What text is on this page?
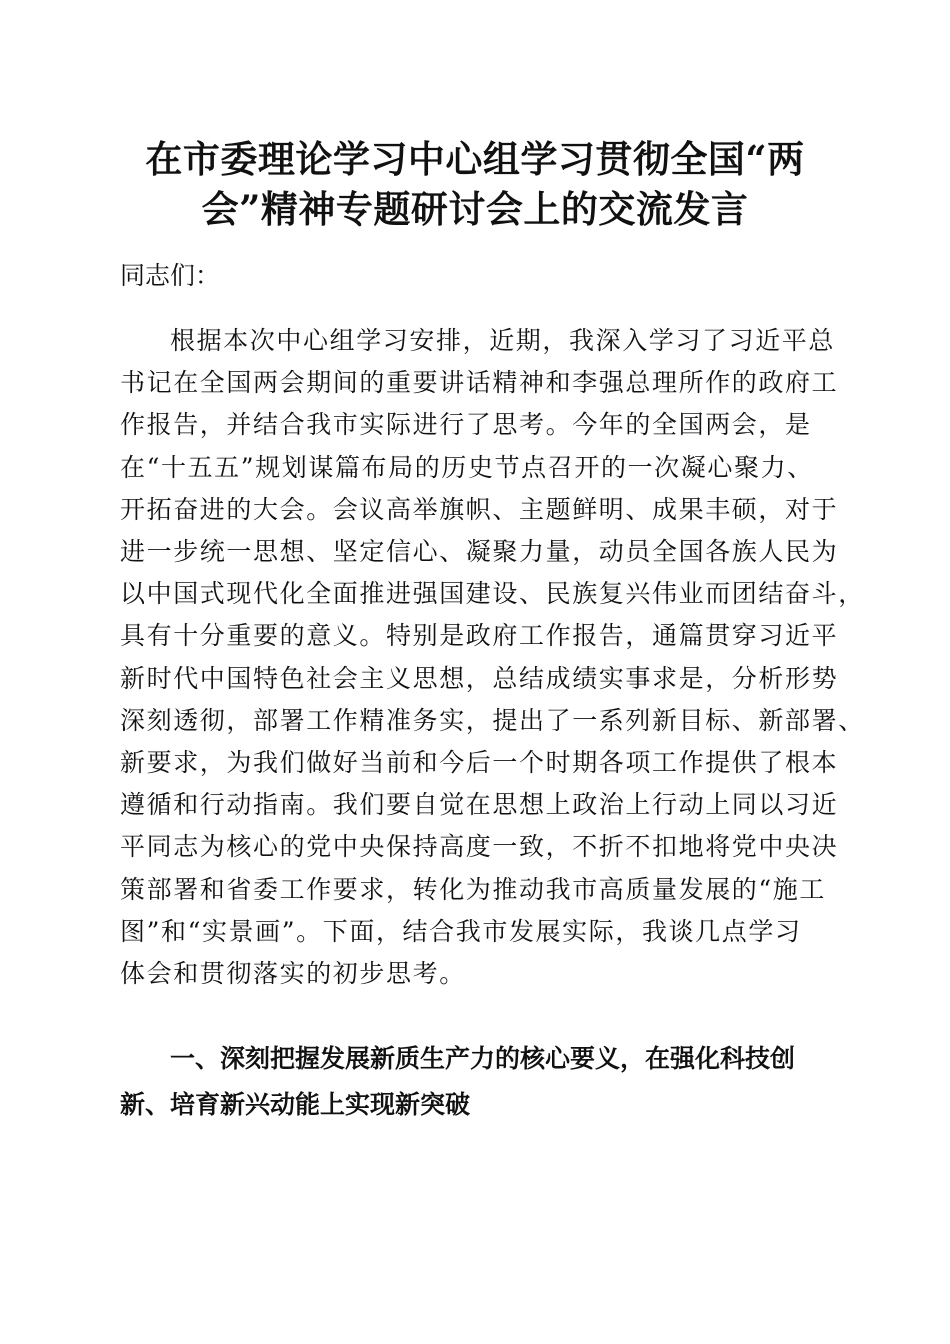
在市委理论学习中心组学习贯彻全国“两
会”精神专题研讨会上的交流发言

同志们：

根据本次中心组学习安排，近期，我深入学习了习近平总
书记在全国两会期间的重要讲话精神和李强总理所作的政府工
作报告，并结合我市实际进行了思考。今年的全国两会，是
在“十五五”规划谋篇布局的历史节点召开的一次凝心聚力、
开拓奋进的大会。会议高举旗帜、主题鲜明、成果丰硕，对于
进一步统一思想、坚定信心、凝聚力量，动员全国各族人民为
以中国式现代化全面推进强国建设、民族复兴伟业而团结奋斗，
具有十分重要的意义。特别是政府工作报告，通篇贯穿习近平
新时代中国特色社会主义思想，总结成绩实事求是，分析形势
深刻透彻，部署工作精准务实，提出了一系列新目标、新部署、
新要求，为我们做好当前和今后一个时期各项工作提供了根本
遵循和行动指南。我们要自觉在思想上政治上行动上同以习近
平同志为核心的党中央保持高度一致，不折不扣地将党中央决
策部署和省委工作要求，转化为推动我市高质量发展的“施工
图”和“实景画”。下面，结合我市发展实际，我谈几点学习
体会和贯彻落实的初步思考。
一、深刻把握发展新质生产力的核心要义，在强化科技创
新、培育新兴动能上实现新突破
